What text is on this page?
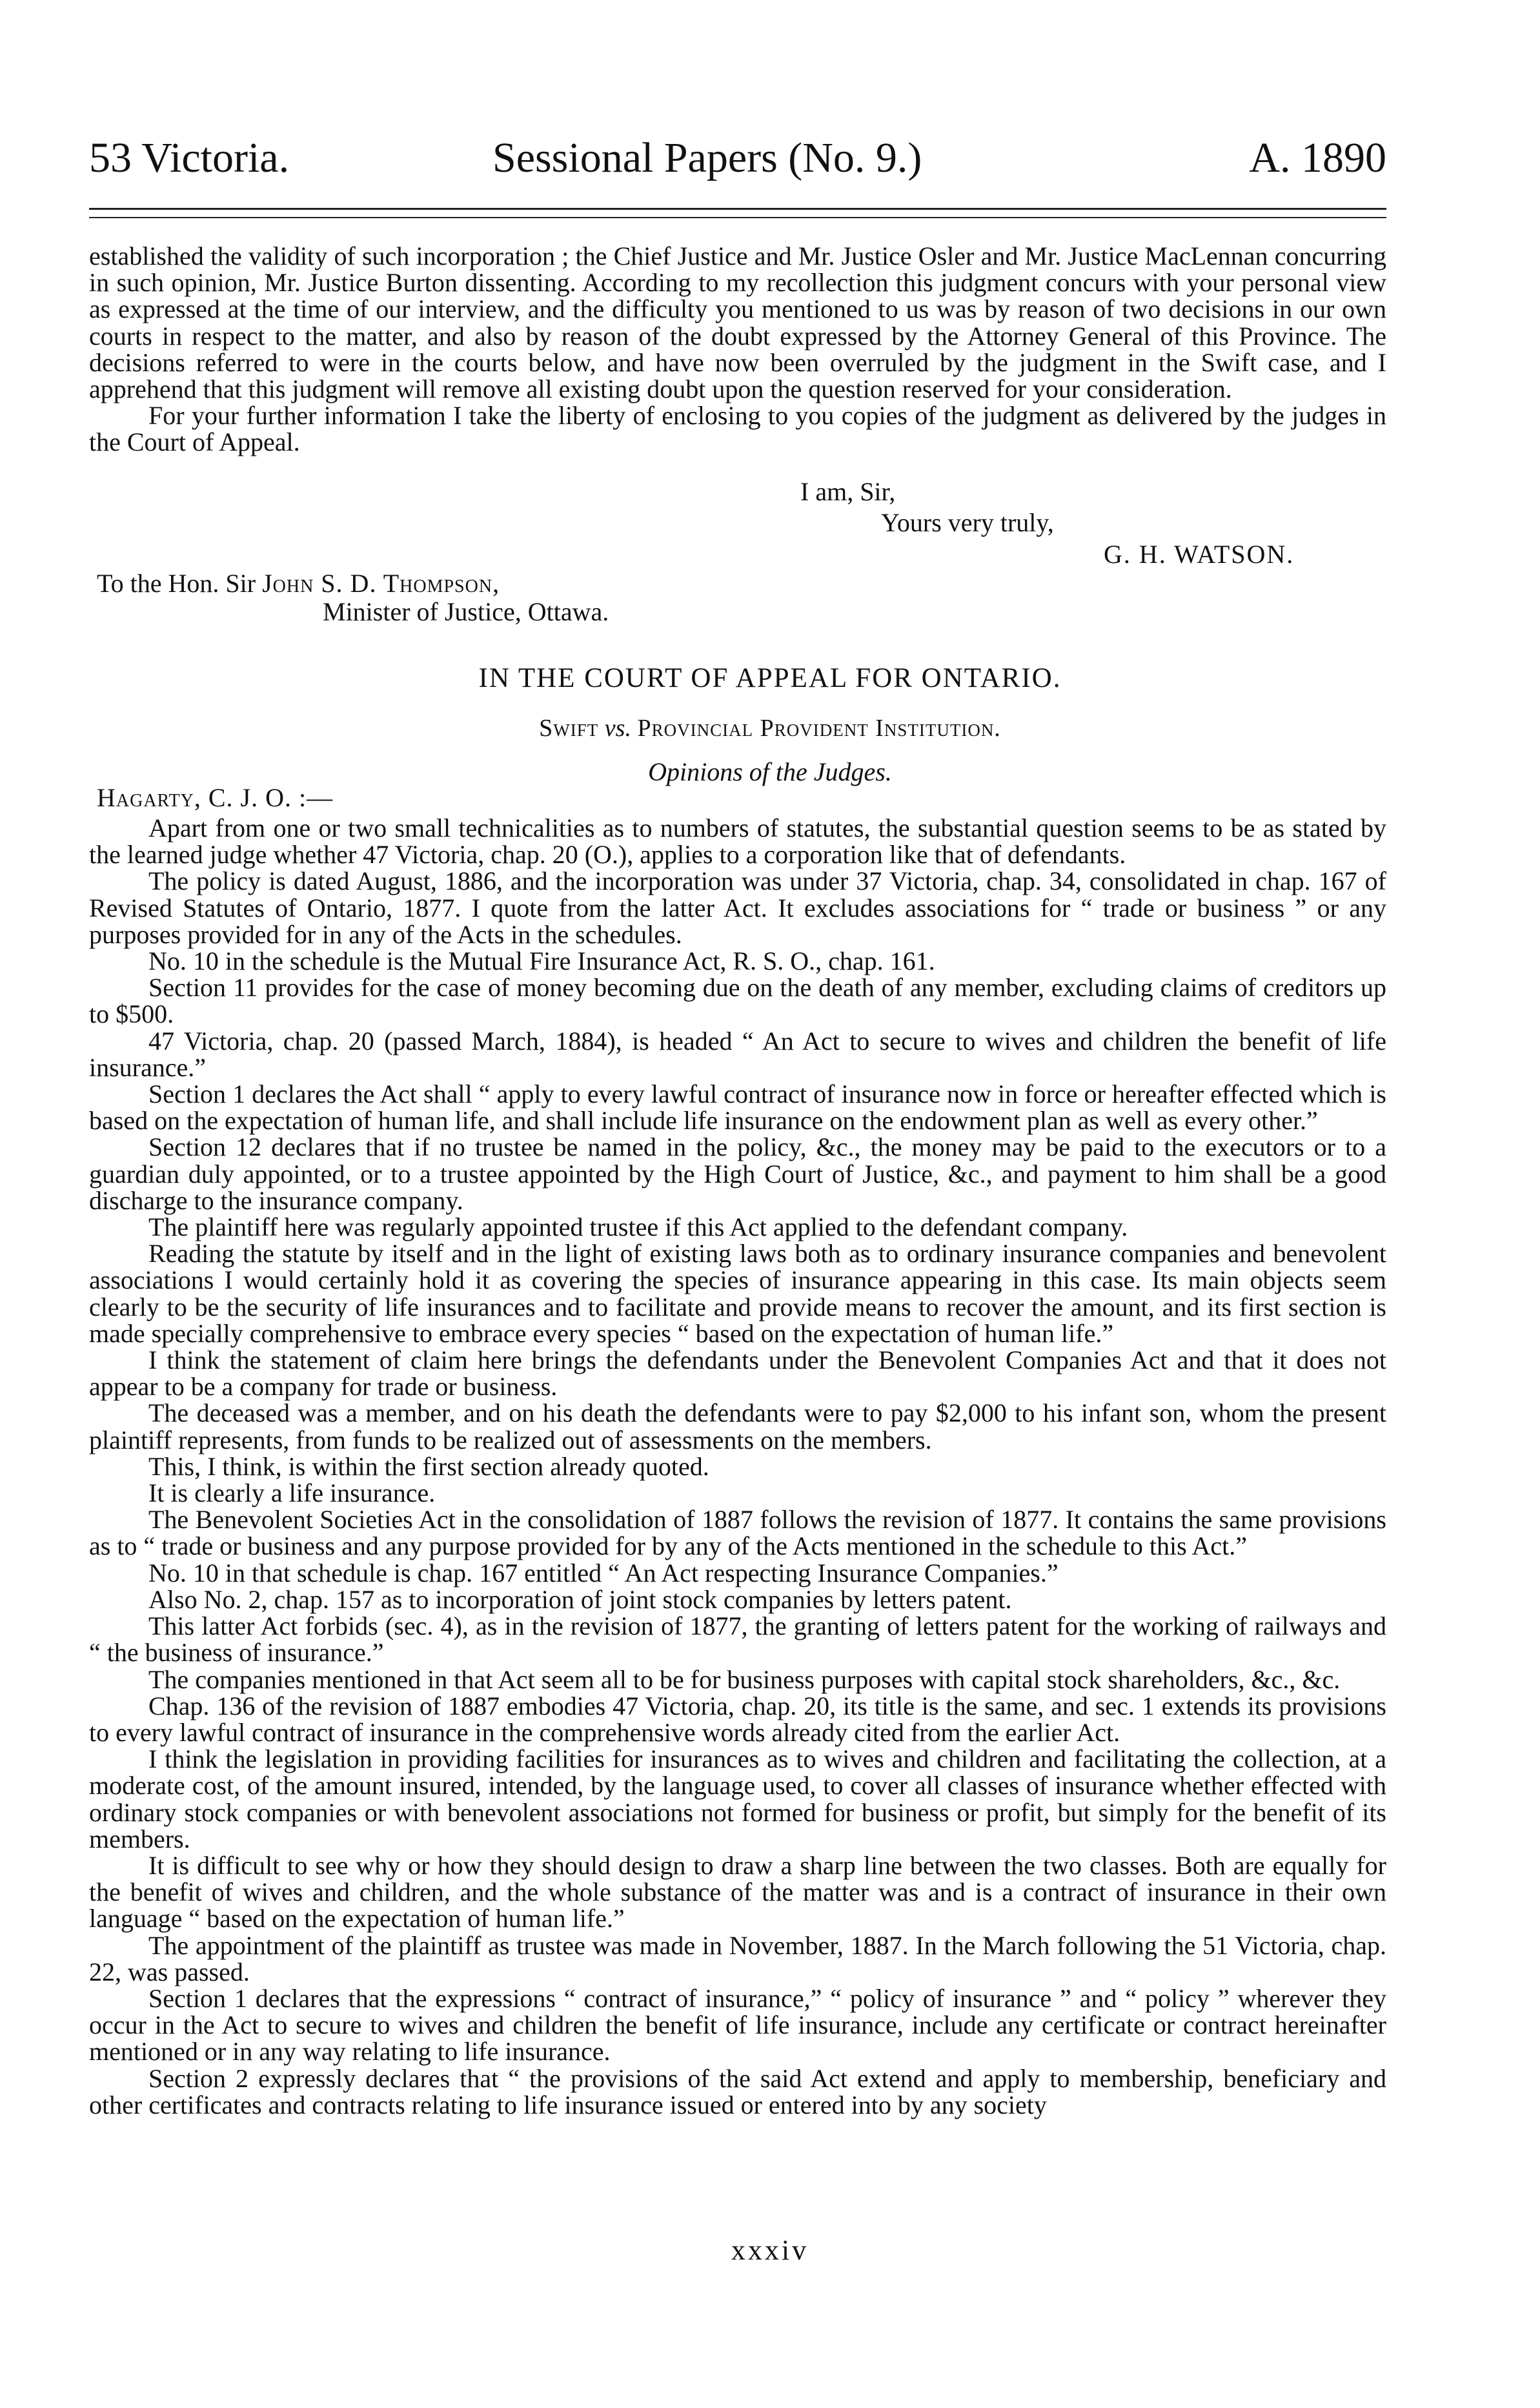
53 Victoria.	Sessional Papers (No. 9.)	A. 1890

established the validity of such incorporation ; the Chief Justice and Mr. Justice Osler and Mr. Justice MacLennan concurring in such opinion, Mr. Justice Burton dissenting. According to my recollection this judgment concurs with your personal view as expressed at the time of our interview, and the difficulty you mentioned to us was by reason of two decisions in our own courts in respect to the matter, and also by reason of the doubt expressed by the Attorney General of this Province. The decisions referred to were in the courts below, and have now been overruled by the judgment in the Swift case, and I apprehend that this judgment will remove all existing doubt upon the question reserved for your consideration.

For your further information I take the liberty of enclosing to you copies of the judgment as delivered by the judges in the Court of Appeal.

I am, Sir,
Yours very truly,
G. H. WATSON.
To the Hon. Sir John S. D. Thompson,
Minister of Justice, Ottawa.
IN THE COURT OF APPEAL FOR ONTARIO.
Swift vs. Provincial Provident Institution.
Opinions of the Judges.
Hagarty, C. J. O. :—

Apart from one or two small technicalities as to numbers of statutes, the substantial question seems to be as stated by the learned judge whether 47 Victoria, chap. 20 (O.), applies to a corporation like that of defendants.

The policy is dated August, 1886, and the incorporation was under 37 Victoria, chap. 34, consolidated in chap. 167 of Revised Statutes of Ontario, 1877. I quote from the latter Act. It excludes associations for “ trade or business ” or any purposes provided for in any of the Acts in the schedules.

No. 10 in the schedule is the Mutual Fire Insurance Act, R. S. O., chap. 161.

Section 11 provides for the case of money becoming due on the death of any member, excluding claims of creditors up to $500.

47 Victoria, chap. 20 (passed March, 1884), is headed “ An Act to secure to wives and children the benefit of life insurance.”

Section 1 declares the Act shall “ apply to every lawful contract of insurance now in force or hereafter effected which is based on the expectation of human life, and shall include life insurance on the endowment plan as well as every other.”

Section 12 declares that if no trustee be named in the policy, &c., the money may be paid to the executors or to a guardian duly appointed, or to a trustee appointed by the High Court of Justice, &c., and payment to him shall be a good discharge to the insurance company.

The plaintiff here was regularly appointed trustee if this Act applied to the defendant company.

Reading the statute by itself and in the light of existing laws both as to ordinary insurance companies and benevolent associations I would certainly hold it as covering the species of insurance appearing in this case. Its main objects seem clearly to be the security of life insurances and to facilitate and provide means to recover the amount, and its first section is made specially comprehensive to embrace every species “ based on the expectation of human life.”

I think the statement of claim here brings the defendants under the Benevolent Companies Act and that it does not appear to be a company for trade or business.

The deceased was a member, and on his death the defendants were to pay $2,000 to his infant son, whom the present plaintiff represents, from funds to be realized out of assessments on the members.

This, I think, is within the first section already quoted.

It is clearly a life insurance.

The Benevolent Societies Act in the consolidation of 1887 follows the revision of 1877. It contains the same provisions as to “ trade or business and any purpose provided for by any of the Acts mentioned in the schedule to this Act.”

No. 10 in that schedule is chap. 167 entitled “ An Act respecting Insurance Companies.”

Also No. 2, chap. 157 as to incorporation of joint stock companies by letters patent.

This latter Act forbids (sec. 4), as in the revision of 1877, the granting of letters patent for the working of railways and “ the business of insurance.”

The companies mentioned in that Act seem all to be for business purposes with capital stock shareholders, &c., &c.

Chap. 136 of the revision of 1887 embodies 47 Victoria, chap. 20, its title is the same, and sec. 1 extends its provisions to every lawful contract of insurance in the comprehensive words already cited from the earlier Act.

I think the legislation in providing facilities for insurances as to wives and children and facilitating the collection, at a moderate cost, of the amount insured, intended, by the language used, to cover all classes of insurance whether effected with ordinary stock companies or with benevolent associations not formed for business or profit, but simply for the benefit of its members.

It is difficult to see why or how they should design to draw a sharp line between the two classes. Both are equally for the benefit of wives and children, and the whole substance of the matter was and is a contract of insurance in their own language “ based on the expectation of human life.”

The appointment of the plaintiff as trustee was made in November, 1887. In the March following the 51 Victoria, chap. 22, was passed.

Section 1 declares that the expressions “ contract of insurance,” “ policy of insurance ” and “ policy ” wherever they occur in the Act to secure to wives and children the benefit of life insurance, include any certificate or contract hereinafter mentioned or in any way relating to life insurance.

Section 2 expressly declares that “ the provisions of the said Act extend and apply to membership, beneficiary and other certificates and contracts relating to life insurance issued or entered into by any society

xxxiv
